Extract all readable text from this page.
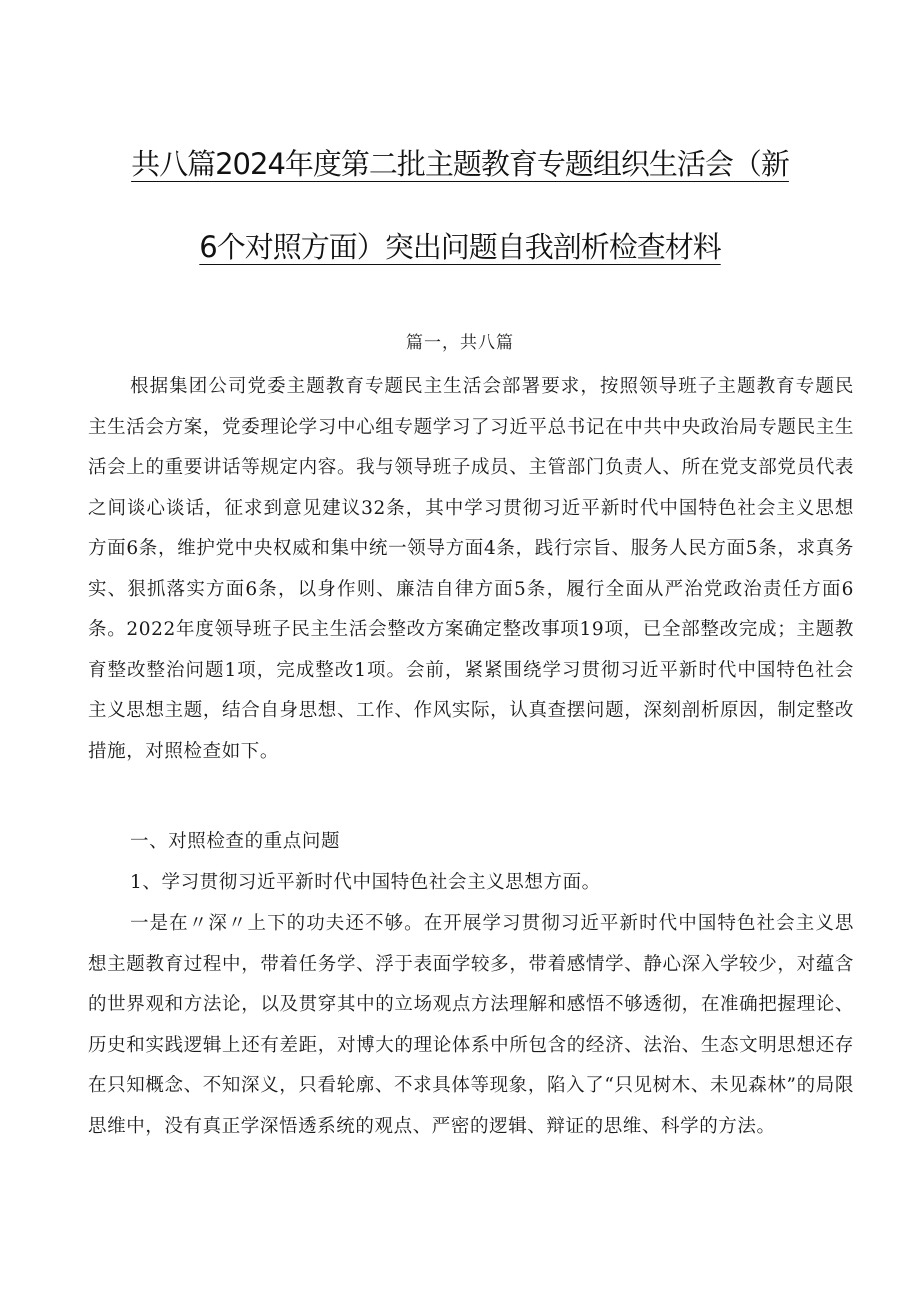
共八篇2024年度第二批主题教育专题组织生活会（新
6个对照方面）突出问题自我剖析检查材料

篇一，共八篇

根据集团公司党委主题教育专题民主生活会部署要求，按照领导班子主题教育专题民主生活会方案，党委理论学习中心组专题学习了习近平总书记在中共中央政治局专题民主生活会上的重要讲话等规定内容。我与领导班子成员、主管部门负责人、所在党支部党员代表之间谈心谈话，征求到意见建议32条，其中学习贯彻习近平新时代中国特色社会主义思想方面6条，维护党中央权威和集中统一领导方面4条，践行宗旨、服务人民方面5条，求真务实、狠抓落实方面6条，以身作则、廉洁自律方面5条，履行全面从严治党政治责任方面6条。2022年度领导班子民主生活会整改方案确定整改事项19项，已全部整改完成；主题教育整改整治问题1项，完成整改1项。会前，紧紧围绕学习贯彻习近平新时代中国特色社会主义思想主题，结合自身思想、工作、作风实际，认真查摆问题，深刻剖析原因，制定整改措施，对照检查如下。

一、对照检查的重点问题

1、学习贯彻习近平新时代中国特色社会主义思想方面。

一是在〃深〃上下的功夫还不够。在开展学习贯彻习近平新时代中国特色社会主义思想主题教育过程中，带着任务学、浮于表面学较多，带着感情学、静心深入学较少，对蕴含的世界观和方法论，以及贯穿其中的立场观点方法理解和感悟不够透彻，在准确把握理论、历史和实践逻辑上还有差距，对博大的理论体系中所包含的经济、法治、生态文明思想还存在只知概念、不知深义，只看轮廓、不求具体等现象，陷入了“只见树木、未见森林”的局限思维中，没有真正学深悟透系统的观点、严密的逻辑、辩证的思维、科学的方法。
